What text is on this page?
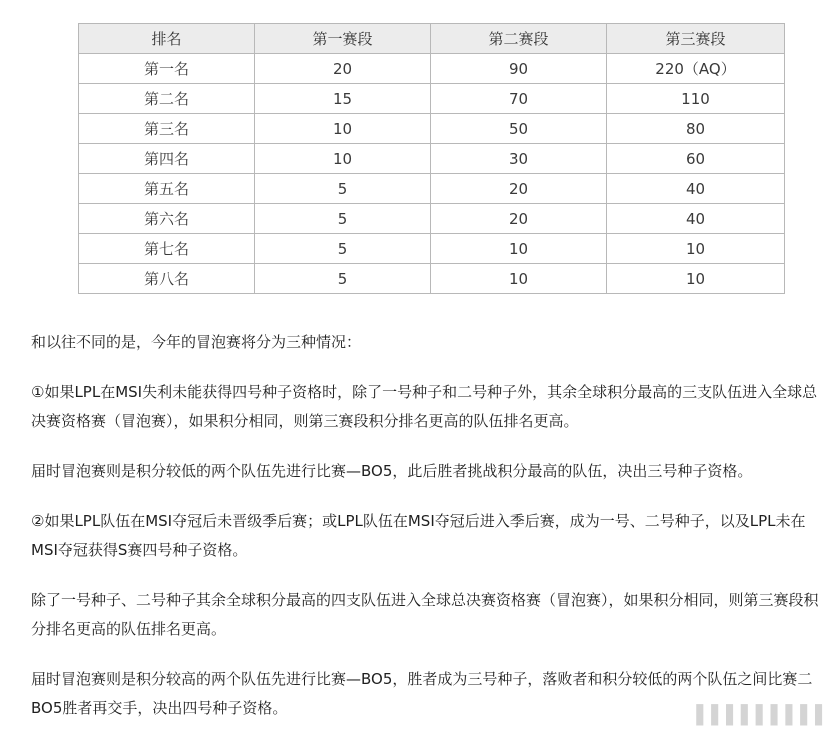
排名	第一赛段	第二赛段	第三赛段
第一名	20	90	220（AQ）
第二名	15	70	110
第三名	10	50	80
第四名	10	30	60
第五名	5	20	40
第六名	5	20	40
第七名	5	10	10
第八名	5	10	10

和以往不同的是，今年的冒泡赛将分为三种情况：

①如果LPL在MSI失利未能获得四号种子资格时，除了一号种子和二号种子外，其余全球积分最高的三支队伍进入全球总决赛资格赛（冒泡赛），如果积分相同，则第三赛段积分排名更高的队伍排名更高。

届时冒泡赛则是积分较低的两个队伍先进行比赛—BO5，此后胜者挑战积分最高的队伍，决出三号种子资格。

②如果LPL队伍在MSI夺冠后未晋级季后赛；或LPL队伍在MSI夺冠后进入季后赛，成为一号、二号种子，以及LPL未在MSI夺冠获得S赛四号种子资格。

除了一号种子、二号种子其余全球积分最高的四支队伍进入全球总决赛资格赛（冒泡赛），如果积分相同，则第三赛段积分排名更高的队伍排名更高。

届时冒泡赛则是积分较高的两个队伍先进行比赛—BO5，胜者成为三号种子，落败者和积分较低的两个队伍之间比赛二BO5胜者再交手，决出四号种子资格。	▌▌▌▌▌▌▌▌▌
